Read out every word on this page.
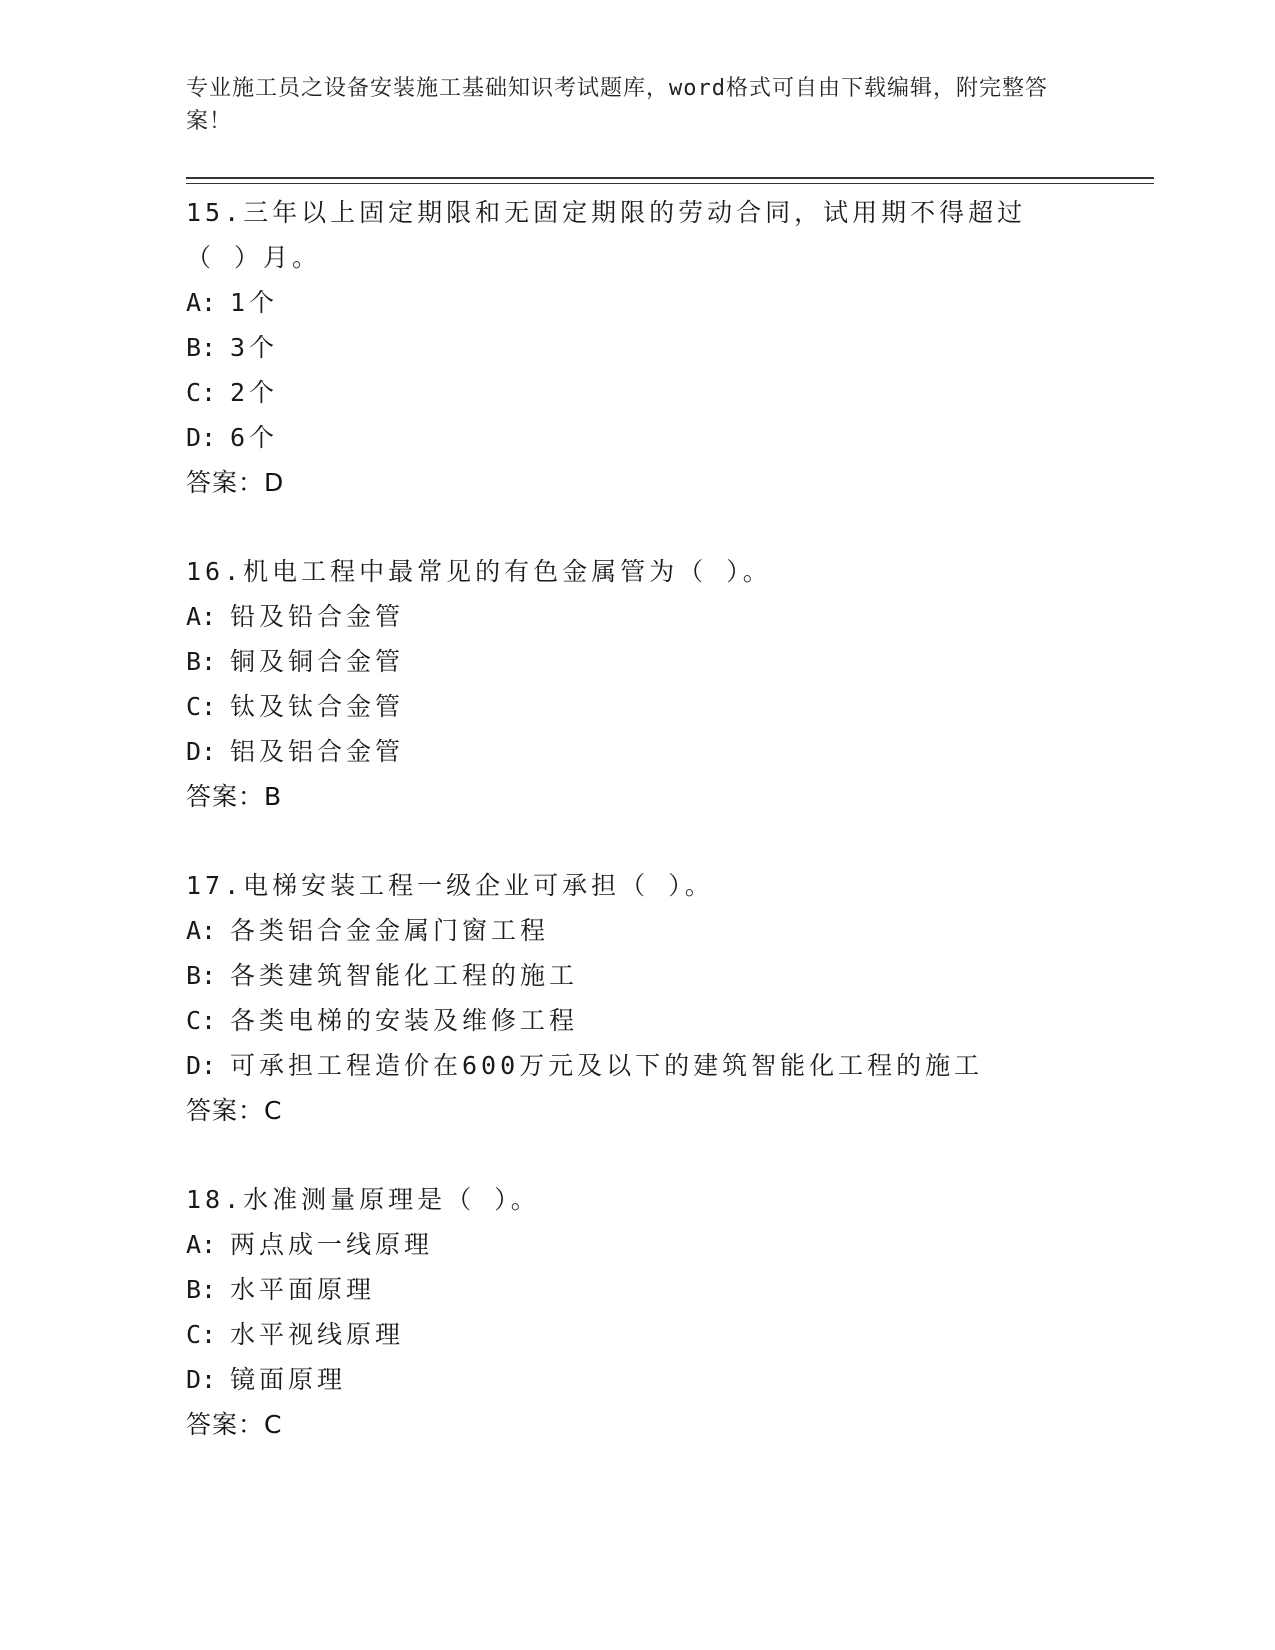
专业施工员之设备安装施工基础知识考试题库，word格式可自由下载编辑，附完整答案！
15.三年以上固定期限和无固定期限的劳动合同，试用期不得超过（ ）月。
A: 1个
B: 3个
C: 2个
D: 6个
答案：D
16.机电工程中最常见的有色金属管为（ ）。
A: 铅及铅合金管
B: 铜及铜合金管
C: 钛及钛合金管
D: 铝及铝合金管
答案：B
17.电梯安装工程一级企业可承担（ ）。
A: 各类铝合金金属门窗工程
B: 各类建筑智能化工程的施工
C: 各类电梯的安装及维修工程
D: 可承担工程造价在600万元及以下的建筑智能化工程的施工
答案：C
18.水准测量原理是（ ）。
A: 两点成一线原理
B: 水平面原理
C: 水平视线原理
D: 镜面原理
答案：C
